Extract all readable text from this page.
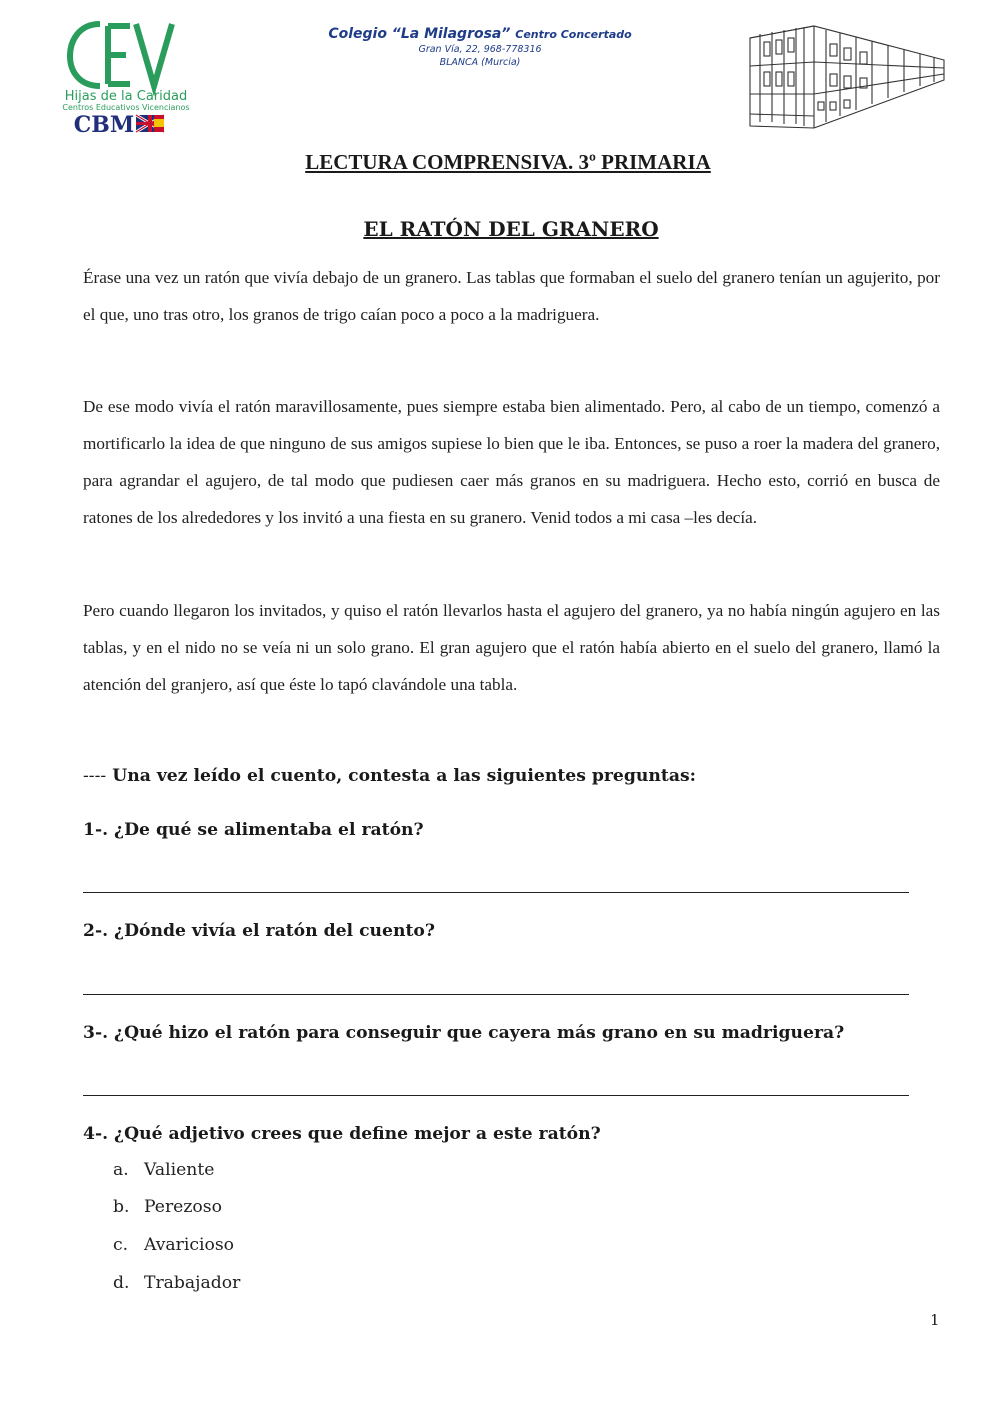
Hijas de la Caridad
Centros Educativos Vicencianos
CBM
Colegio “La Milagrosa” Centro Concertado
Gran Vía, 22, 968-778316
BLANCA (Murcia)
LECTURA COMPRENSIVA. 3º PRIMARIA
EL RATÓN DEL GRANERO

Érase una vez un ratón que vivía debajo de un granero. Las tablas que formaban el suelo del granero tenían un agujerito, por el que, uno tras otro, los granos de trigo caían poco a poco a la madriguera.

De ese modo vivía el ratón maravillosamente, pues siempre estaba bien alimentado. Pero, al cabo de un tiempo, comenzó a mortificarlo la idea de que ninguno de sus amigos supiese lo bien que le iba. Entonces, se puso a roer la madera del granero, para agrandar el agujero, de tal modo que pudiesen caer más granos en su madriguera. Hecho esto, corrió en busca de ratones de los alrededores y los invitó a una fiesta en su granero. Venid todos a mi casa –les decía.

Pero cuando llegaron los invitados, y quiso el ratón llevarlos hasta el agujero del granero, ya no había ningún agujero en las tablas, y en el nido no se veía ni un solo grano. El gran agujero que el ratón había abierto en el suelo del granero, llamó la atención del granjero, así que éste lo tapó clavándole una tabla.

---- Una vez leído el cuento, contesta a las siguientes preguntas:

1-. ¿De qué se alimentaba el ratón?

2-. ¿Dónde vivía el ratón del cuento?

3-. ¿Qué hizo el ratón para conseguir que cayera más grano en su madriguera?

4-. ¿Qué adjetivo crees que define mejor a este ratón?

a. Valiente
b. Perezoso
c. Avaricioso
d. Trabajador
1
